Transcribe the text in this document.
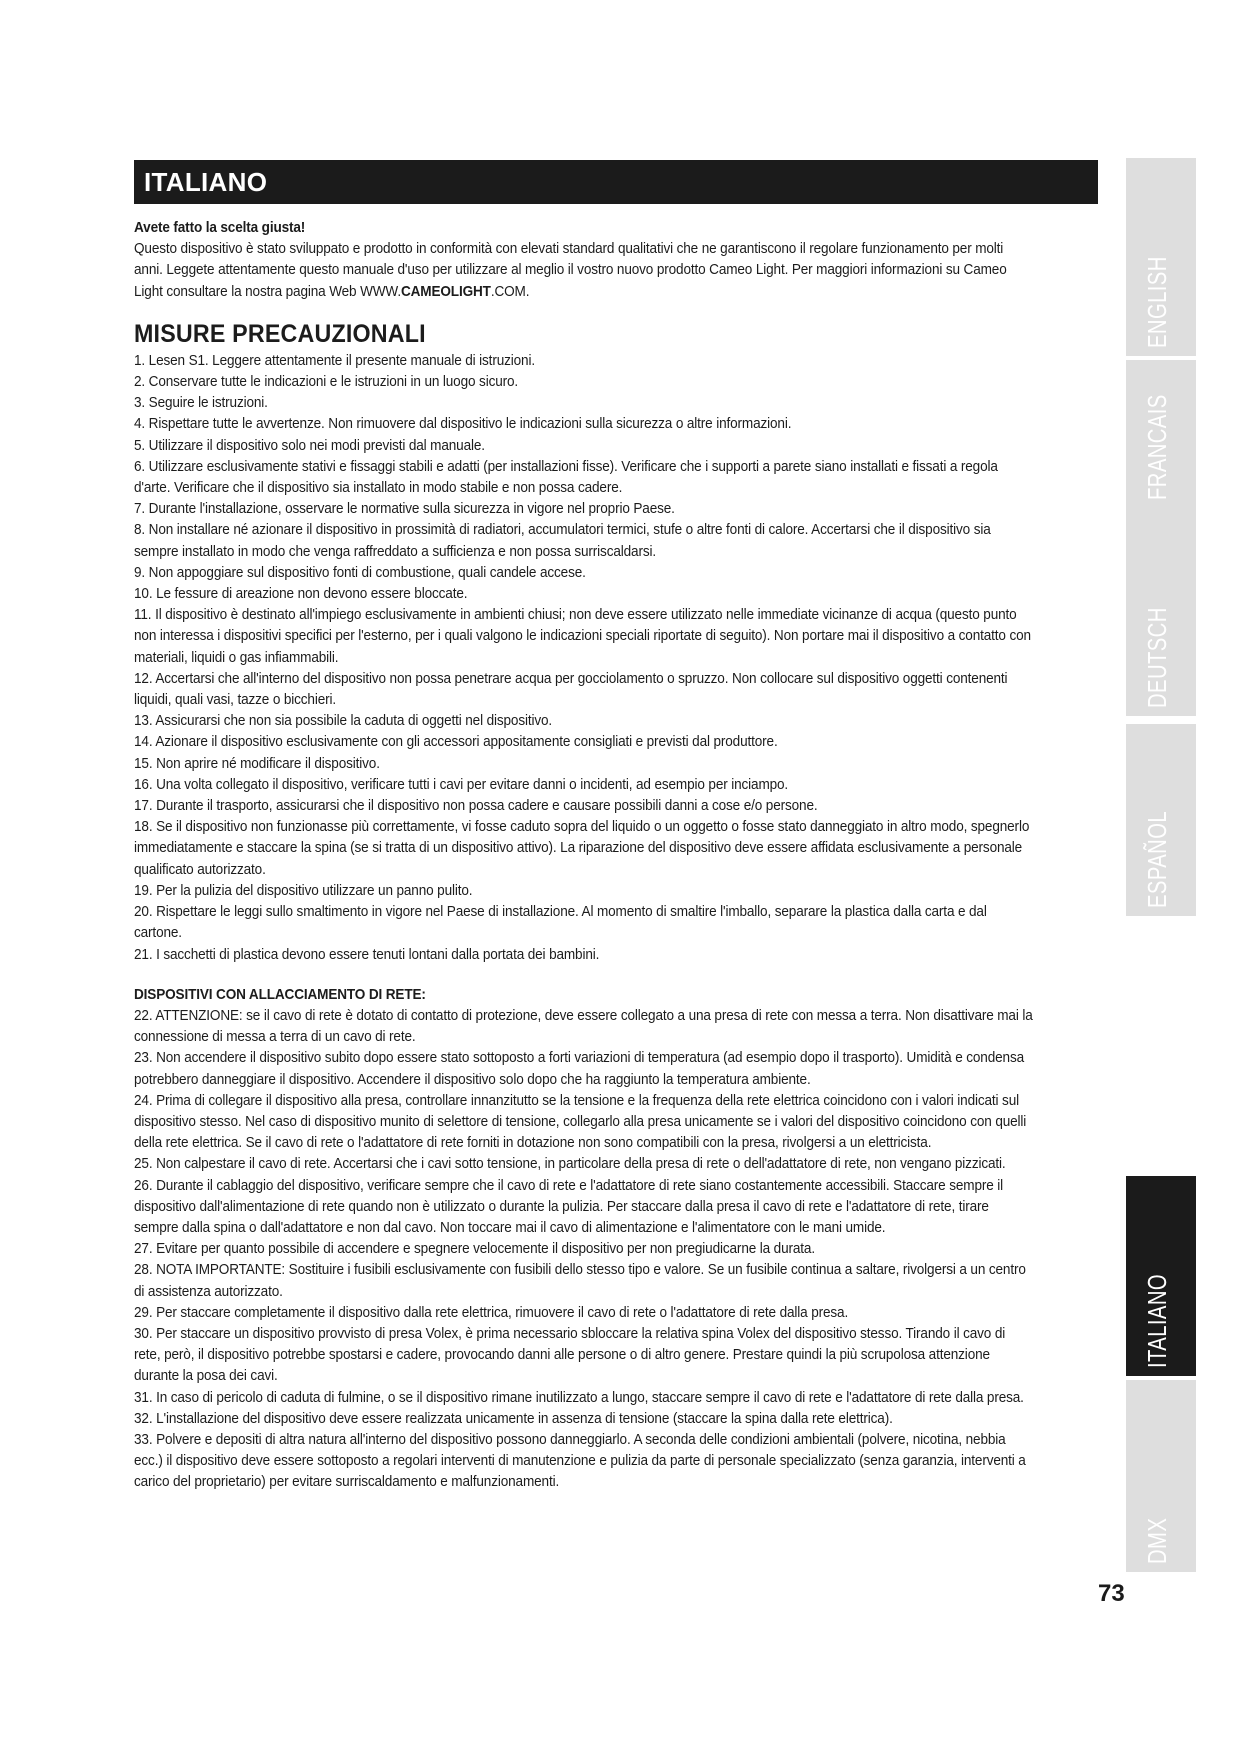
ITALIANO

Avete fatto la scelta giusta!

Questo dispositivo è stato sviluppato e prodotto in conformità con elevati standard qualitativi che ne garantiscono il regolare funzionamento per molti anni. Leggete attentamente questo manuale d'uso per utilizzare al meglio il vostro nuovo prodotto Cameo Light. Per maggiori informazioni su Cameo Light consultare la nostra pagina Web WWW.CAMEOLIGHT.COM.

MISURE PRECAUZIONALI

1. Lesen S1. Leggere attentamente il presente manuale di istruzioni.

2. Conservare tutte le indicazioni e le istruzioni in un luogo sicuro.

3. Seguire le istruzioni.

4. Rispettare tutte le avvertenze. Non rimuovere dal dispositivo le indicazioni sulla sicurezza o altre informazioni.

5. Utilizzare il dispositivo solo nei modi previsti dal manuale.

6. Utilizzare esclusivamente stativi e fissaggi stabili e adatti (per installazioni fisse). Verificare che i supporti a parete siano installati e fissati a regola d'arte. Verificare che il dispositivo sia installato in modo stabile e non possa cadere.

7. Durante l'installazione, osservare le normative sulla sicurezza in vigore nel proprio Paese.

8. Non installare né azionare il dispositivo in prossimità di radiatori, accumulatori termici, stufe o altre fonti di calore. Accertarsi che il dispositivo sia sempre installato in modo che venga raffreddato a sufficienza e non possa surriscaldarsi.

9. Non appoggiare sul dispositivo fonti di combustione, quali candele accese.

10. Le fessure di areazione non devono essere bloccate.

11. Il dispositivo è destinato all'impiego esclusivamente in ambienti chiusi; non deve essere utilizzato nelle immediate vicinanze di acqua (questo punto non interessa i dispositivi specifici per l'esterno, per i quali valgono le indicazioni speciali riportate di seguito). Non portare mai il dispositivo a contatto con materiali, liquidi o gas infiammabili.

12. Accertarsi che all'interno del dispositivo non possa penetrare acqua per gocciolamento o spruzzo. Non collocare sul dispositivo oggetti contenenti liquidi, quali vasi, tazze o bicchieri.

13. Assicurarsi che non sia possibile la caduta di oggetti nel dispositivo.

14. Azionare il dispositivo esclusivamente con gli accessori appositamente consigliati e previsti dal produttore.

15. Non aprire né modificare il dispositivo.

16. Una volta collegato il dispositivo, verificare tutti i cavi per evitare danni o incidenti, ad esempio per inciampo.

17. Durante il trasporto, assicurarsi che il dispositivo non possa cadere e causare possibili danni a cose e/o persone.

18. Se il dispositivo non funzionasse più correttamente, vi fosse caduto sopra del liquido o un oggetto o fosse stato danneggiato in altro modo, spegnerlo immediatamente e staccare la spina (se si tratta di un dispositivo attivo). La riparazione del dispositivo deve essere affidata esclusivamente a personale qualificato autorizzato.

19. Per la pulizia del dispositivo utilizzare un panno pulito.

20. Rispettare le leggi sullo smaltimento in vigore nel Paese di installazione. Al momento di smaltire l'imballo, separare la plastica dalla carta e dal cartone.

21. I sacchetti di plastica devono essere tenuti lontani dalla portata dei bambini.

DISPOSITIVI CON ALLACCIAMENTO DI RETE:

22. ATTENZIONE: se il cavo di rete è dotato di contatto di protezione, deve essere collegato a una presa di rete con messa a terra. Non disattivare mai la connessione di messa a terra di un cavo di rete.

23. Non accendere il dispositivo subito dopo essere stato sottoposto a forti variazioni di temperatura (ad esempio dopo il trasporto). Umidità e condensa potrebbero danneggiare il dispositivo. Accendere il dispositivo solo dopo che ha raggiunto la temperatura ambiente.

24. Prima di collegare il dispositivo alla presa, controllare innanzitutto se la tensione e la frequenza della rete elettrica coincidono con i valori indicati sul dispositivo stesso. Nel caso di dispositivo munito di selettore di tensione, collegarlo alla presa unicamente se i valori del dispositivo coincidono con quelli della rete elettrica. Se il cavo di rete o l'adattatore di rete forniti in dotazione non sono compatibili con la presa, rivolgersi a un elettricista.

25. Non calpestare il cavo di rete. Accertarsi che i cavi sotto tensione, in particolare della presa di rete o dell'adattatore di rete, non vengano pizzicati.

26. Durante il cablaggio del dispositivo, verificare sempre che il cavo di rete e l'adattatore di rete siano costantemente accessibili. Staccare sempre il dispositivo dall'alimentazione di rete quando non è utilizzato o durante la pulizia. Per staccare dalla presa il cavo di rete e l'adattatore di rete, tirare sempre dalla spina o dall'adattatore e non dal cavo. Non toccare mai il cavo di alimentazione e l'alimentatore con le mani umide.

27. Evitare per quanto possibile di accendere e spegnere velocemente il dispositivo per non pregiudicarne la durata.

28. NOTA IMPORTANTE: Sostituire i fusibili esclusivamente con fusibili dello stesso tipo e valore. Se un fusibile continua a saltare, rivolgersi a un centro di assistenza autorizzato.

29. Per staccare completamente il dispositivo dalla rete elettrica, rimuovere il cavo di rete o l'adattatore di rete dalla presa.

30. Per staccare un dispositivo provvisto di presa Volex, è prima necessario sbloccare la relativa spina Volex del dispositivo stesso. Tirando il cavo di rete, però, il dispositivo potrebbe spostarsi e cadere, provocando danni alle persone o di altro genere. Prestare quindi la più scrupolosa attenzione durante la posa dei cavi.

31. In caso di pericolo di caduta di fulmine, o se il dispositivo rimane inutilizzato a lungo, staccare sempre il cavo di rete e l'adattatore di rete dalla presa.

32. L'installazione del dispositivo deve essere realizzata unicamente in assenza di tensione (staccare la spina dalla rete elettrica).

33. Polvere e depositi di altra natura all'interno del dispositivo possono danneggiarlo. A seconda delle condizioni ambientali (polvere, nicotina, nebbia ecc.) il dispositivo deve essere sottoposto a regolari interventi di manutenzione e pulizia da parte di personale specializzato (senza garanzia, interventi a carico del proprietario) per evitare surriscaldamento e malfunzionamenti.

ENGLISH
FRANCAIS
DEUTSCH
ESPAÑOL
POLSKI
ITALIANO
DMX
73
